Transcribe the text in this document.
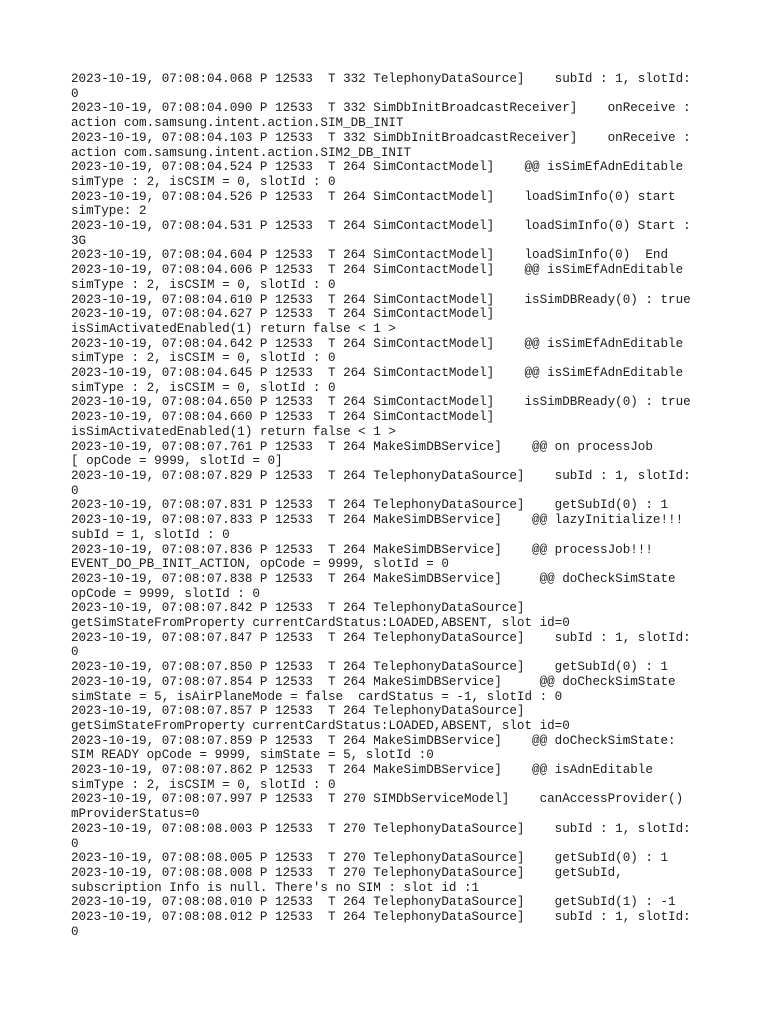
2023-10-19, 07:08:04.068 P 12533  T 332 TelephonyDataSource]    subId : 1, slotId:
0
2023-10-19, 07:08:04.090 P 12533  T 332 SimDbInitBroadcastReceiver]    onReceive :
action com.samsung.intent.action.SIM_DB_INIT
2023-10-19, 07:08:04.103 P 12533  T 332 SimDbInitBroadcastReceiver]    onReceive :
action com.samsung.intent.action.SIM2_DB_INIT
2023-10-19, 07:08:04.524 P 12533  T 264 SimContactModel]    @@ isSimEfAdnEditable
simType : 2, isCSIM = 0, slotId : 0
2023-10-19, 07:08:04.526 P 12533  T 264 SimContactModel]    loadSimInfo(0) start
simType: 2
2023-10-19, 07:08:04.531 P 12533  T 264 SimContactModel]    loadSimInfo(0) Start :
3G
2023-10-19, 07:08:04.604 P 12533  T 264 SimContactModel]    loadSimInfo(0)  End
2023-10-19, 07:08:04.606 P 12533  T 264 SimContactModel]    @@ isSimEfAdnEditable
simType : 2, isCSIM = 0, slotId : 0
2023-10-19, 07:08:04.610 P 12533  T 264 SimContactModel]    isSimDBReady(0) : true
2023-10-19, 07:08:04.627 P 12533  T 264 SimContactModel]
isSimActivatedEnabled(1) return false < 1 >
2023-10-19, 07:08:04.642 P 12533  T 264 SimContactModel]    @@ isSimEfAdnEditable
simType : 2, isCSIM = 0, slotId : 0
2023-10-19, 07:08:04.645 P 12533  T 264 SimContactModel]    @@ isSimEfAdnEditable
simType : 2, isCSIM = 0, slotId : 0
2023-10-19, 07:08:04.650 P 12533  T 264 SimContactModel]    isSimDBReady(0) : true
2023-10-19, 07:08:04.660 P 12533  T 264 SimContactModel]
isSimActivatedEnabled(1) return false < 1 >
2023-10-19, 07:08:07.761 P 12533  T 264 MakeSimDBService]    @@ on processJob
[ opCode = 9999, slotId = 0]
2023-10-19, 07:08:07.829 P 12533  T 264 TelephonyDataSource]    subId : 1, slotId:
0
2023-10-19, 07:08:07.831 P 12533  T 264 TelephonyDataSource]    getSubId(0) : 1
2023-10-19, 07:08:07.833 P 12533  T 264 MakeSimDBService]    @@ lazyInitialize!!!
subId = 1, slotId : 0
2023-10-19, 07:08:07.836 P 12533  T 264 MakeSimDBService]    @@ processJob!!!
EVENT_DO_PB_INIT_ACTION, opCode = 9999, slotId = 0
2023-10-19, 07:08:07.838 P 12533  T 264 MakeSimDBService]     @@ doCheckSimState
opCode = 9999, slotId : 0
2023-10-19, 07:08:07.842 P 12533  T 264 TelephonyDataSource]
getSimStateFromProperty currentCardStatus:LOADED,ABSENT, slot id=0
2023-10-19, 07:08:07.847 P 12533  T 264 TelephonyDataSource]    subId : 1, slotId:
0
2023-10-19, 07:08:07.850 P 12533  T 264 TelephonyDataSource]    getSubId(0) : 1
2023-10-19, 07:08:07.854 P 12533  T 264 MakeSimDBService]     @@ doCheckSimState
simState = 5, isAirPlaneMode = false  cardStatus = -1, slotId : 0
2023-10-19, 07:08:07.857 P 12533  T 264 TelephonyDataSource]
getSimStateFromProperty currentCardStatus:LOADED,ABSENT, slot id=0
2023-10-19, 07:08:07.859 P 12533  T 264 MakeSimDBService]    @@ doCheckSimState:
SIM READY opCode = 9999, simState = 5, slotId :0
2023-10-19, 07:08:07.862 P 12533  T 264 MakeSimDBService]    @@ isAdnEditable
simType : 2, isCSIM = 0, slotId : 0
2023-10-19, 07:08:07.997 P 12533  T 270 SIMDbServiceModel]    canAccessProvider()
mProviderStatus=0
2023-10-19, 07:08:08.003 P 12533  T 270 TelephonyDataSource]    subId : 1, slotId:
0
2023-10-19, 07:08:08.005 P 12533  T 270 TelephonyDataSource]    getSubId(0) : 1
2023-10-19, 07:08:08.008 P 12533  T 270 TelephonyDataSource]    getSubId,
subscription Info is null. There's no SIM : slot id :1
2023-10-19, 07:08:08.010 P 12533  T 264 TelephonyDataSource]    getSubId(1) : -1
2023-10-19, 07:08:08.012 P 12533  T 264 TelephonyDataSource]    subId : 1, slotId:
0
